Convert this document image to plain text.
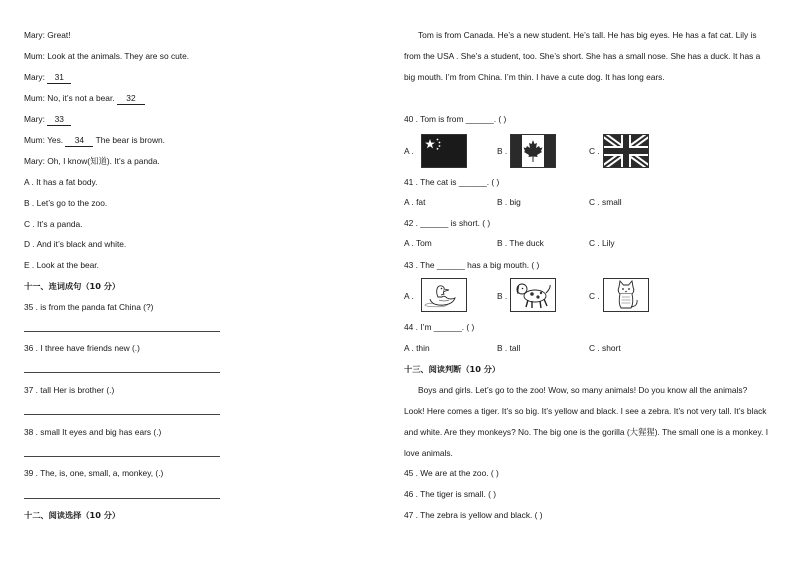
Mary: Great!
Mum: Look at the animals. They are so cute.
Mary: 31
Mum: No, it’s not a bear. 32
Mary: 33
Mum: Yes. 34 The bear is brown.
Mary: Oh, I know(知道). It’s a panda.
A . It has a fat body.
B . Let’s go to the zoo.
C . It’s a panda.
D . And it’s black and white.
E . Look at the bear.
十一、连词成句（10 分）
35 . is from the panda fat China (?)
36 . I three have friends new (.)
37 . tall Her is brother (.)
38 . small It eyes and big has ears (.)
39 . The, is, one, small, a, monkey, (.)
十二、阅读选择（10 分）
Tom is from Canada. He’s a new student. He’s tall. He has big eyes. He has a fat cat. Lily is from the USA . She’s a student, too. She’s short. She has a small nose. She has a duck. It has a big mouth. I’m from China. I’m thin. I have a cute dog. It has long ears.
40 . Tom is from ______. ( )
A .	B .	C .
41 . The cat is ______. ( )
A . fat	B . big	C . small
42 . ______ is short. ( )
A . Tom	B . The duck	C . Lily
43 . The ______ has a big mouth. ( )
A .	B .	C .
44 . I’m ______. ( )
A . thin	B . tall	C . short
十三、阅读判断（10 分）
Boys and girls. Let’s go to the zoo! Wow, so many animals! Do you know all the animals? Look! Here comes a tiger. It’s so big. It’s yellow and black. I see a zebra. It’s not very tall. It’s black and white. Are they monkeys? No. The big one is the gorilla (大猩猩). The small one is a monkey. I love animals.
45 . We are at the zoo. ( )
46 . The tiger is small. ( )
47 . The zebra is yellow and black. ( )
